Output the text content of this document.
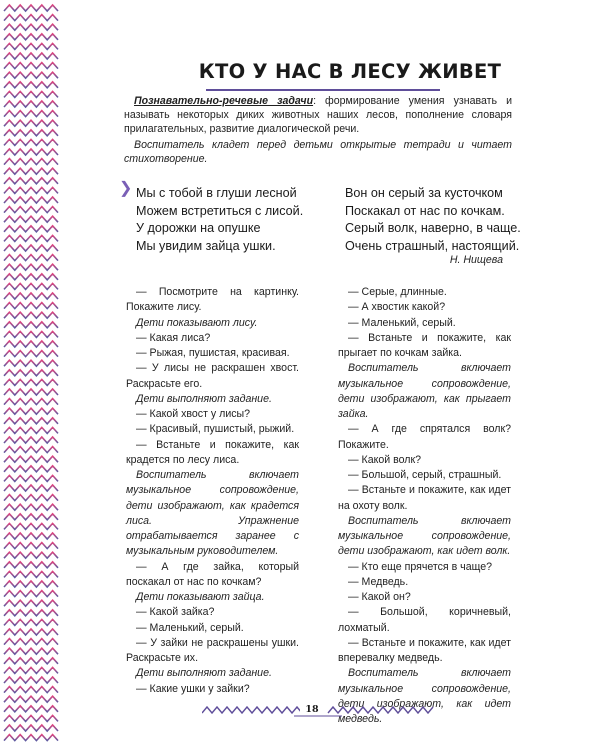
КТО У НАС В ЛЕСУ ЖИВЕТ

Познавательно-речевые задачи: формирование умения узнавать и называть некоторых диких животных наших лесов, пополнение словаря прилагательных, развитие диалогической речи.

Воспитатель кладет перед детьми открытые тетради и читает стихотворение.

❯ Мы с тобой в глуши лесной
Можем встретиться с лисой.
У дорожки на опушке
Мы увидим зайца ушки.
Вон он серый за кусточком
Поскакал от нас по кочкам.
Серый волк, наверно, в чаще.
Очень страшный, настоящий.
Н. Нищева

— Посмотрите на картинку. Покажите лису.

Дети показывают лису.

— Какая лиса?

— Рыжая, пушистая, красивая.

— У лисы не раскрашен хвост. Раскрасьте его.

Дети выполняют задание.

— Какой хвост у лисы?

— Красивый, пушистый, рыжий.

— Встаньте и покажите, как крадется по лесу лиса.

Воспитатель включает музыкальное сопровождение, дети изображают, как крадется лиса. Упражнение отрабатывается заранее с музыкальным руководителем.

— А где зайка, который поскакал от нас по кочкам?

Дети показывают зайца.

— Какой зайка?

— Маленький, серый.

— У зайки не раскрашены ушки. Раскрасьте их.

Дети выполняют задание.

— Какие ушки у зайки?

— Серые, длинные.

— А хвостик какой?

— Маленький, серый.

— Встаньте и покажите, как прыгает по кочкам зайка.

Воспитатель включает музыкальное сопровождение, дети изображают, как прыгает зайка.

— А где спрятался волк? Покажите.

— Какой волк?

— Большой, серый, страшный.

— Встаньте и покажите, как идет на охоту волк.

Воспитатель включает музыкальное сопровождение, дети изображают, как идет волк.

— Кто еще прячется в чаще?

— Медведь.

— Какой он?

— Большой, коричневый, лохматый.

— Встаньте и покажите, как идет вперевалку медведь.

Воспитатель включает музыкальное сопровождение, дети изображают, как идет медведь.

18
